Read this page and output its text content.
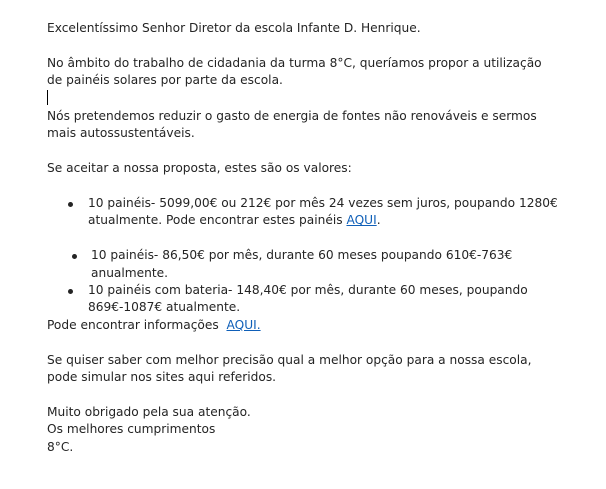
Excelentíssimo Senhor Diretor da escola Infante D. Henrique.
No âmbito do trabalho de cidadania da turma 8°C, queríamos propor a utilização
de painéis solares por parte da escola.
Nós pretendemos reduzir o gasto de energia de fontes não renováveis e sermos
mais autossustentáveis.
Se aceitar a nossa proposta, estes são os valores:
10 painéis- 5099,00€ ou 212€ por mês 24 vezes sem juros, poupando 1280€
atualmente. Pode encontrar estes painéis AQUI.
10 painéis- 86,50€ por mês, durante 60 meses poupando 610€-763€
anualmente.
10 painéis com bateria- 148,40€ por mês, durante 60 meses, poupando
869€-1087€ atualmente.
Pode encontrar informações  AQUI.
Se quiser saber com melhor precisão qual a melhor opção para a nossa escola,
pode simular nos sites aqui referidos.
Muito obrigado pela sua atenção.
Os melhores cumprimentos
8°C.
